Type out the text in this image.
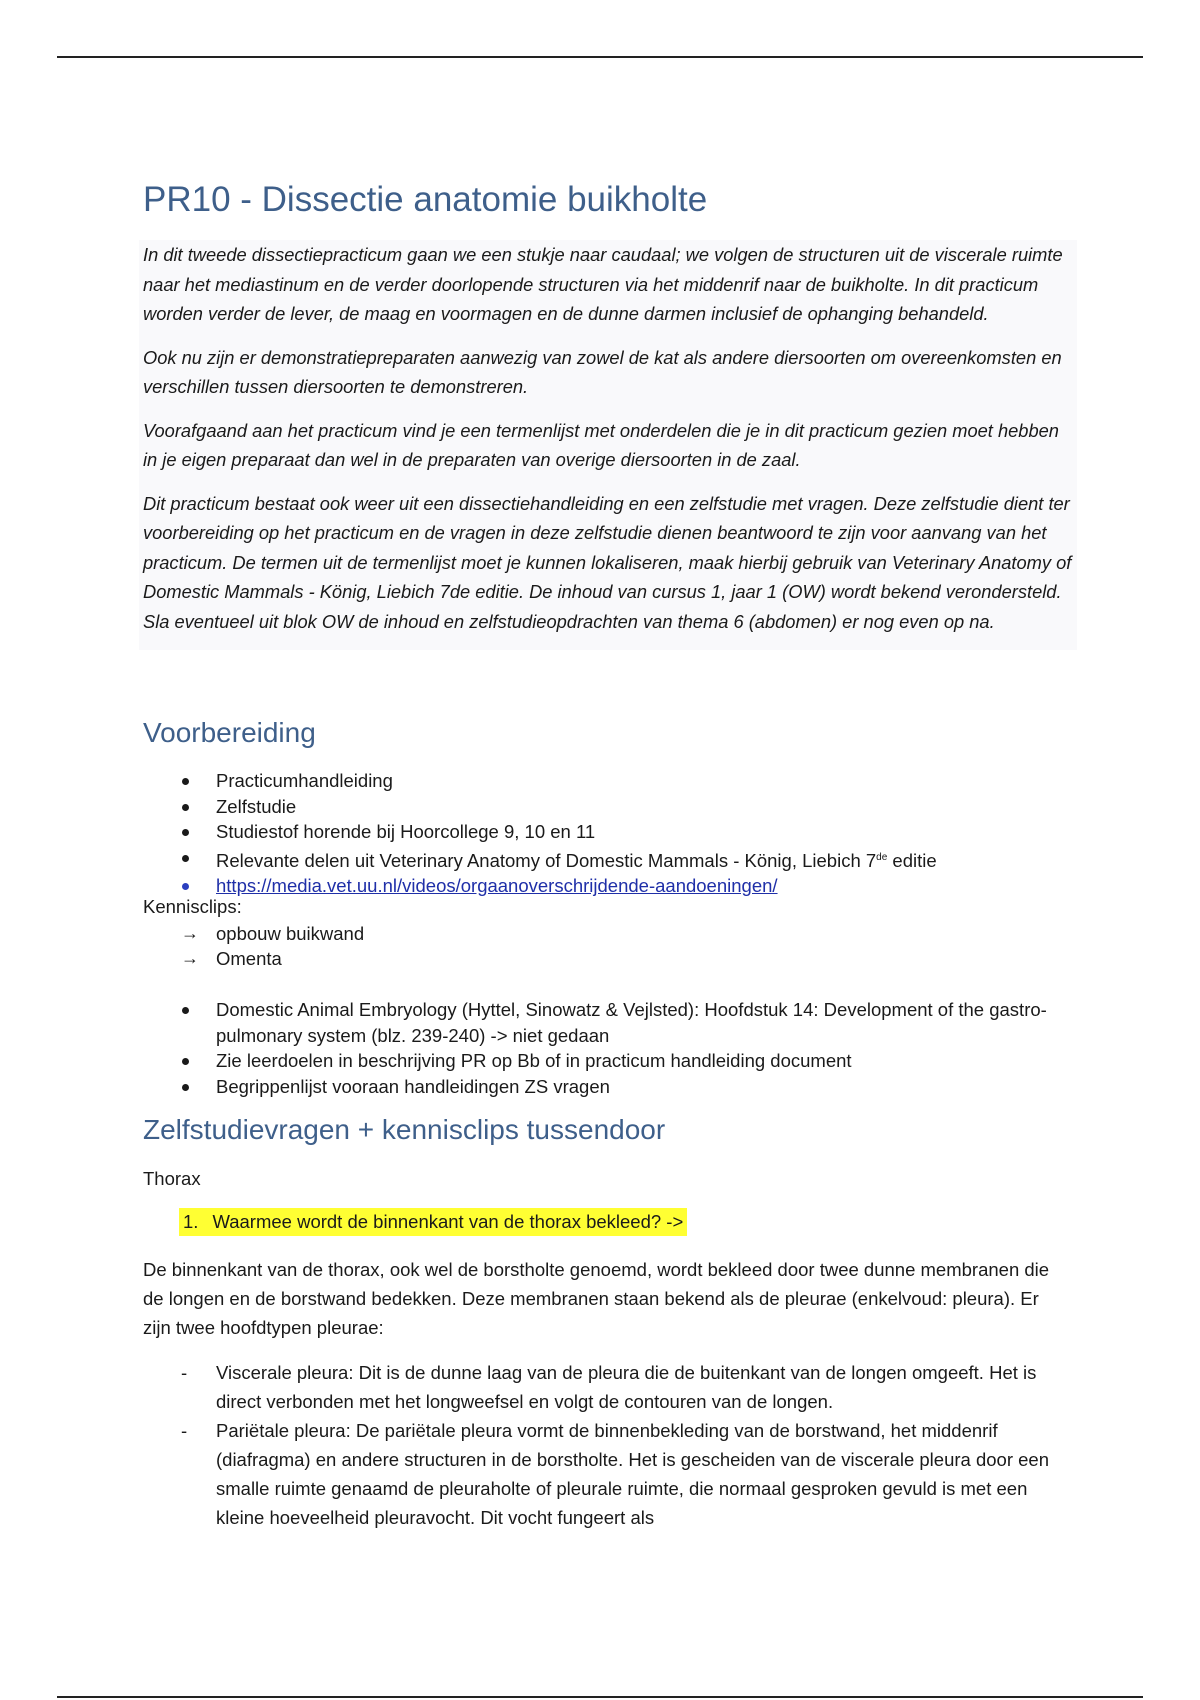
PR10 - Dissectie anatomie buikholte

In dit tweede dissectiepracticum gaan we een stukje naar caudaal; we volgen de structuren uit de viscerale ruimte naar het mediastinum en de verder doorlopende structuren via het middenrif naar de buikholte. In dit practicum worden verder de lever, de maag en voormagen en de dunne darmen inclusief de ophanging behandeld.

Ook nu zijn er demonstratiepreparaten aanwezig van zowel de kat als andere diersoorten om overeenkomsten en verschillen tussen diersoorten te demonstreren.

Voorafgaand aan het practicum vind je een termenlijst met onderdelen die je in dit practicum gezien moet hebben in je eigen preparaat dan wel in de preparaten van overige diersoorten in de zaal.

Dit practicum bestaat ook weer uit een dissectiehandleiding en een zelfstudie met vragen. Deze zelfstudie dient ter voorbereiding op het practicum en de vragen in deze zelfstudie dienen beantwoord te zijn voor aanvang van het practicum. De termen uit de termenlijst moet je kunnen lokaliseren, maak hierbij gebruik van Veterinary Anatomy of Domestic Mammals - König, Liebich 7de editie. De inhoud van cursus 1, jaar 1 (OW) wordt bekend verondersteld. Sla eventueel uit blok OW de inhoud en zelfstudieopdrachten van thema 6 (abdomen) er nog even op na.

Voorbereiding
Practicumhandleiding
Zelfstudie
Studiestof horende bij Hoorcollege 9, 10 en 11
Relevante delen uit Veterinary Anatomy of Domestic Mammals - König, Liebich 7de editie
https://media.vet.uu.nl/videos/orgaanoverschrijdende-aandoeningen/
Kennisclips:
→ opbouw buikwand
→ Omenta
Domestic Animal Embryology (Hyttel, Sinowatz & Vejlsted): Hoofdstuk 14: Development of the gastro-pulmonary system (blz. 239-240) -> niet gedaan
Zie leerdoelen in beschrijving PR op Bb of in practicum handleiding document
Begrippenlijst vooraan handleidingen ZS vragen
Zelfstudievragen + kennisclips tussendoor
Thorax
1. Waarmee wordt de binnenkant van de thorax bekleed? ->

De binnenkant van de thorax, ook wel de borstholte genoemd, wordt bekleed door twee dunne membranen die de longen en de borstwand bedekken. Deze membranen staan bekend als de pleurae (enkelvoud: pleura). Er zijn twee hoofdtypen pleurae:

- Viscerale pleura: Dit is de dunne laag van de pleura die de buitenkant van de longen omgeeft. Het is direct verbonden met het longweefsel en volgt de contouren van de longen.
- Pariëtale pleura: De pariëtale pleura vormt de binnenbekleding van de borstwand, het middenrif (diafragma) en andere structuren in de borstholte. Het is gescheiden van de viscerale pleura door een smalle ruimte genaamd de pleuraholte of pleurale ruimte, die normaal gesproken gevuld is met een kleine hoeveelheid pleuravocht. Dit vocht fungeert als
